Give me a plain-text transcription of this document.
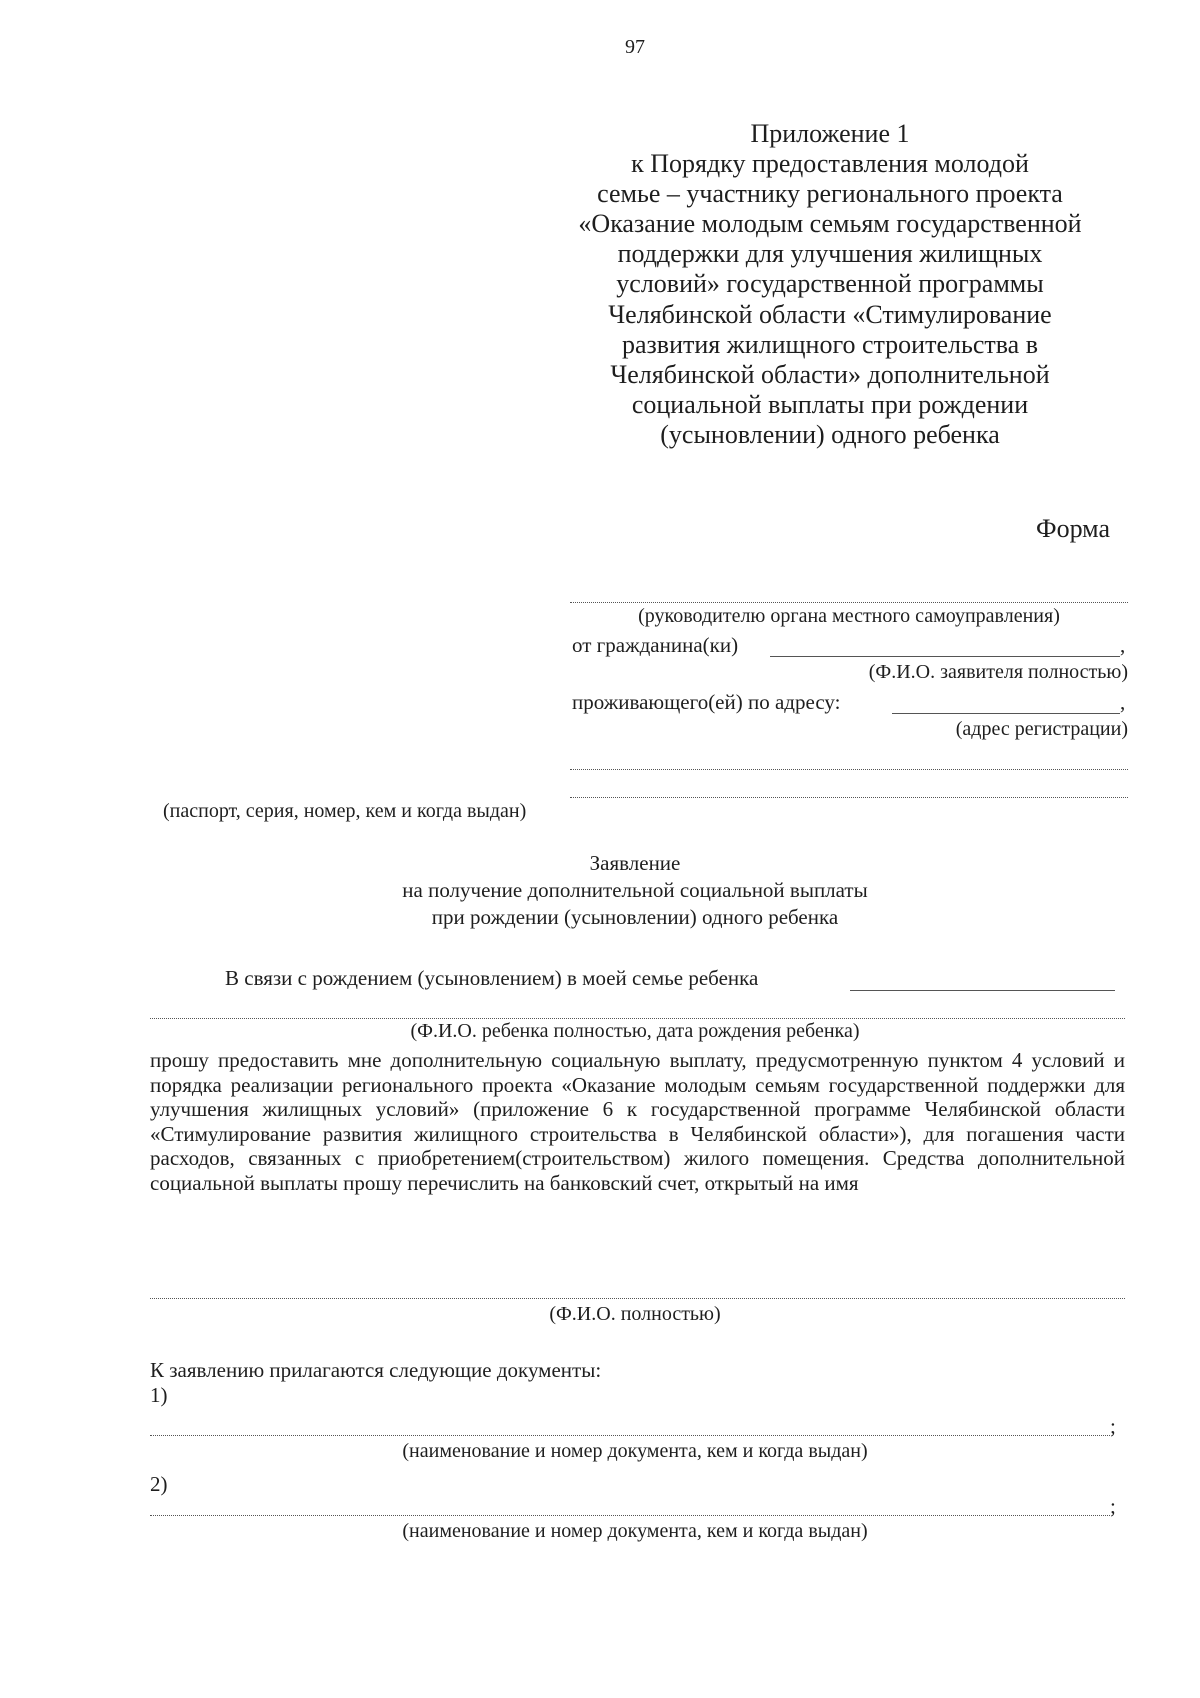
97
Приложение 1
к Порядку предоставления молодой
семье – участнику регионального проекта
«Оказание молодым семьям государственной
поддержки для улучшения жилищных
условий» государственной программы
Челябинской области «Стимулирование
развития жилищного строительства в
Челябинской области» дополнительной
социальной выплаты при рождении
(усыновлении) одного ребенка
Форма
(руководителю органа местного самоуправления)
от гражданина(ки)	,
(Ф.И.О. заявителя полностью)
проживающего(ей) по адресу:	,
(адрес регистрации)
(паспорт, серия, номер, кем и когда выдан)
Заявление
на получение дополнительной социальной выплаты
при рождении (усыновлении) одного ребенка
В связи с рождением (усыновлением) в моей семье ребенка
(Ф.И.О. ребенка полностью, дата рождения ребенка)
прошу предоставить мне дополнительную социальную выплату, предусмотренную пунктом 4 условий и порядка реализации регионального проекта «Оказание молодым семьям государственной поддержки для улучшения жилищных условий» (приложение 6 к государственной программе Челябинской области «Стимулирование развития жилищного строительства в Челябинской области»), для погашения части расходов, связанных с приобретением(строительством) жилого помещения. Средства дополнительной социальной выплаты прошу перечислить на банковский счет, открытый на имя
(Ф.И.О. полностью)
К заявлению прилагаются следующие документы:
1)
;
(наименование и номер документа, кем и когда выдан)
2)
;
(наименование и номер документа, кем и когда выдан)
